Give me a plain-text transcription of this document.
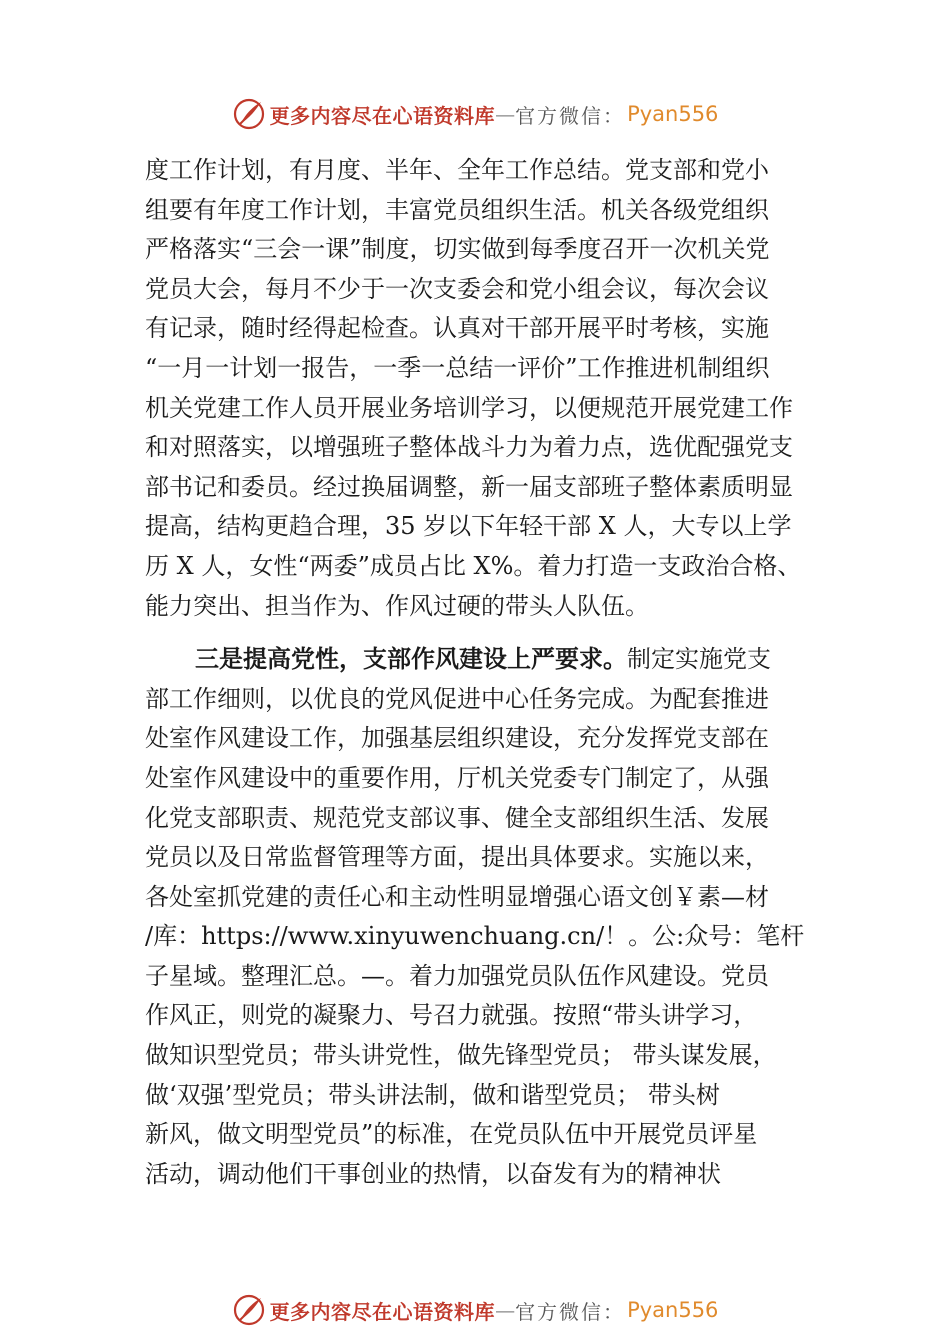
更多内容尽在心语资料库 — 官方微信： Pyan556
度工作计划，有月度、半年、全年工作总结。党支部和党小
组要有年度工作计划，丰富党员组织生活。机关各级党组织
严格落实“三会一课”制度，切实做到每季度召开一次机关党
党员大会，每月不少于一次支委会和党小组会议，每次会议
有记录，随时经得起检查。认真对干部开展平时考核，实施
“一月一计划一报告，一季一总结一评价”工作推进机制组织
机关党建工作人员开展业务培训学习，以便规范开展党建工作
和对照落实，以增强班子整体战斗力为着力点，选优配强党支
部书记和委员。经过换届调整，新一届支部班子整体素质明显
提高，结构更趋合理，35 岁以下年轻干部 X 人，大专以上学
历 X 人，女性“两委”成员占比 X%。着力打造一支政治合格、
能力突出、担当作为、作风过硬的带头人队伍。
三是提高党性，支部作风建设上严要求。制定实施党支
部工作细则，以优良的党风促进中心任务完成。为配套推进
处室作风建设工作，加强基层组织建设，充分发挥党支部在
处室作风建设中的重要作用，厅机关党委专门制定了，从强
化党支部职责、规范党支部议事、健全支部组织生活、发展
党员以及日常监督管理等方面，提出具体要求。实施以来，
各处室抓党建的责任心和主动性明显增强心语文创￥素—材
/库：https://www.xinyuwenchuang.cn/！。公:众号：笔杆
子星域。整理汇总。—。着力加强党员队伍作风建设。党员
作风正，则党的凝聚力、号召力就强。按照“带头讲学习，
做知识型党员；带头讲党性，做先锋型党员； 带头谋发展，
做‘双强’型党员；带头讲法制，做和谐型党员； 带头树
新风，做文明型党员”的标准，在党员队伍中开展党员评星
活动，调动他们干事创业的热情，以奋发有为的精神状
更多内容尽在心语资料库 — 官方微信： Pyan556
